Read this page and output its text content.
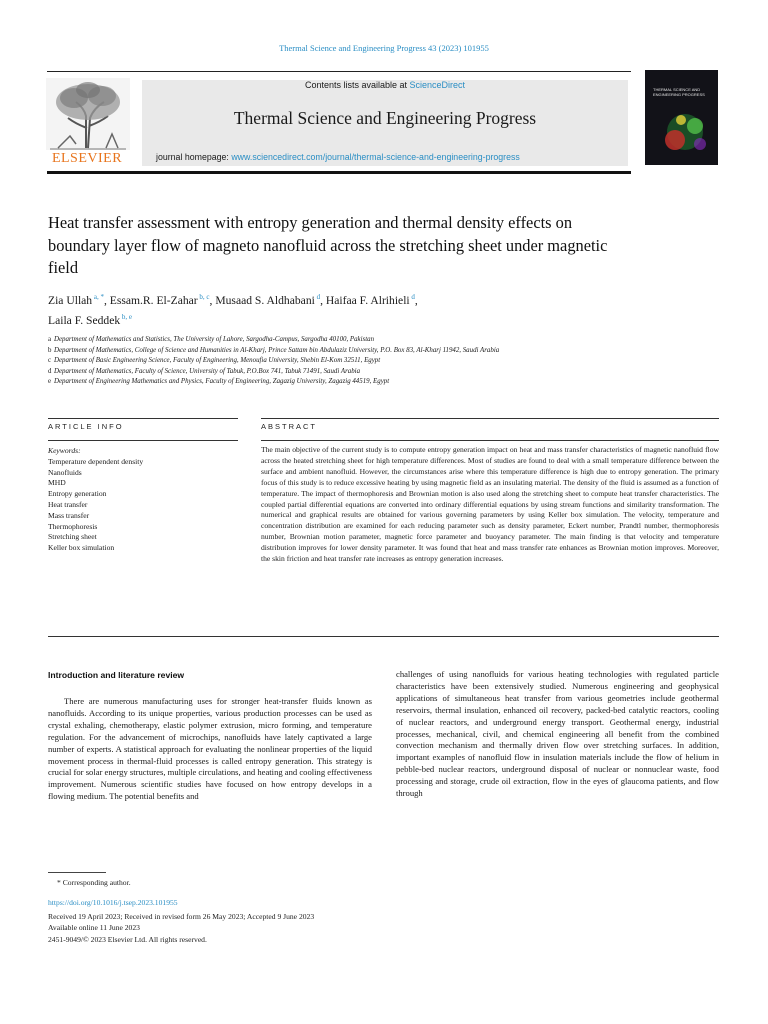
Thermal Science and Engineering Progress 43 (2023) 101955
ELSEVIER
Contents lists available at ScienceDirect
Thermal Science and Engineering Progress
journal homepage: www.sciencedirect.com/journal/thermal-science-and-engineering-progress
THERMAL SCIENCE AND ENGINEERING PROGRESS
Heat transfer assessment with entropy generation and thermal density effects on boundary layer flow of magneto nanofluid across the stretching sheet under magnetic field
Zia Ullah $^{a, *}$, Essam.R. El-Zahar $^{b, c}$, Musaad S. Aldhabani $^d$, Haifaa F. Alrihieli $^d$,
Laila F. Seddek $^{b, e}$
a Department of Mathematics and Statistics, The University of Lahore, Sargodha-Campus, Sargodha 40100, Pakistan
b Department of Mathematics, College of Science and Humanities in Al-Kharj, Prince Sattam bin Abdulaziz University, P.O. Box 83, Al-Kharj 11942, Saudi Arabia
c Department of Basic Engineering Science, Faculty of Engineering, Menoufia University, Shebin El-Kom 32511, Egypt
d Department of Mathematics, Faculty of Science, University of Tabuk, P.O.Box 741, Tabuk 71491, Saudi Arabia
e Department of Engineering Mathematics and Physics, Faculty of Engineering, Zagazig University, Zagazig 44519, Egypt
ARTICLE INFO	ABSTRACT
Keywords:
Temperature dependent density
Nanofluids
MHD
Entropy generation
Heat transfer
Mass transfer
Thermophoresis
Stretching sheet
Keller box simulation
The main objective of the current study is to compute entropy generation impact on heat and mass transfer characteristics of magnetic nanofluid flow across the heated stretching sheet for high temperature differences. Most of studies are found to deal with a small temperature difference between the surface and ambient nanofluid. However, the circumstances arise where this temperature difference is high due to entropy generation. The primary focus of this study is to reduce excessive heating by using magnetic field as an insulating material. The density of the fluid is assumed as a function of temperature. The impact of thermophoresis and Brownian motion is also used along the stretching sheet to compute heat transfer characteristics. The coupled partial differential equations are converted into ordinary differential equations by using stream functions and similarity transformation. The numerical and graphical results are obtained for various governing parameters by using Keller box simulation. The velocity, temperature and concentration distribution are examined for each reducing parameter such as density parameter, Eckert number, Prandtl number, thermophoresis number, Brownian motion parameter, magnetic force parameter and buoyancy parameter. The main finding is that velocity and temperature distribution improves for lower density parameter. It was found that heat and mass transfer rate enhances as Brownian motion improves. Moreover, the skin friction and heat transfer rate increases as entropy generation increases.
Introduction and literature review

There are numerous manufacturing uses for stronger heat-transfer fluids known as nanofluids. According to its unique properties, various production processes can be used as crystal exhaling, chemotherapy, elastic polymer extrusion, micro forming, and temperature regulation. For the advancement of microchips, nanofluids have lately captivated a large number of experts. A statistical approach for evaluating the nonlinear properties of the liquid movement process in thermal-fluid processes is called entropy generation. This strategy is crucial for solar energy structures, multiple circulations, and heating and cooling effectiveness improvement. Numerous scientific studies have focused on how entropy develops in a flowing medium. The potential benefits and

challenges of using nanofluids for various heating technologies with regulated particle characteristics have been extensively studied. Numerous engineering and geophysical applications of simultaneous heat transfer from various geometries include geothermal reservoirs, thermal insulation, enhanced oil recovery, packed-bed catalytic reactors, cooling of nuclear reactors, and underground energy transport. Geothermal energy, industrial processes, mechanical, civil, and chemical engineering all benefit from the combined convection mechanism and thermally driven flow over stretching surfaces. In addition, important examples of nanofluid flow in insulation materials include the flow of helium in pebble-bed nuclear reactors, underground disposal of nuclear or nonnuclear waste, food processing and storage, crude oil extraction, flow in the eyes of glaucoma patients, and flow through

* Corresponding author.
https://doi.org/10.1016/j.tsep.2023.101955
Received 19 April 2023; Received in revised form 26 May 2023; Accepted 9 June 2023
Available online 11 June 2023
2451-9049/© 2023 Elsevier Ltd. All rights reserved.
